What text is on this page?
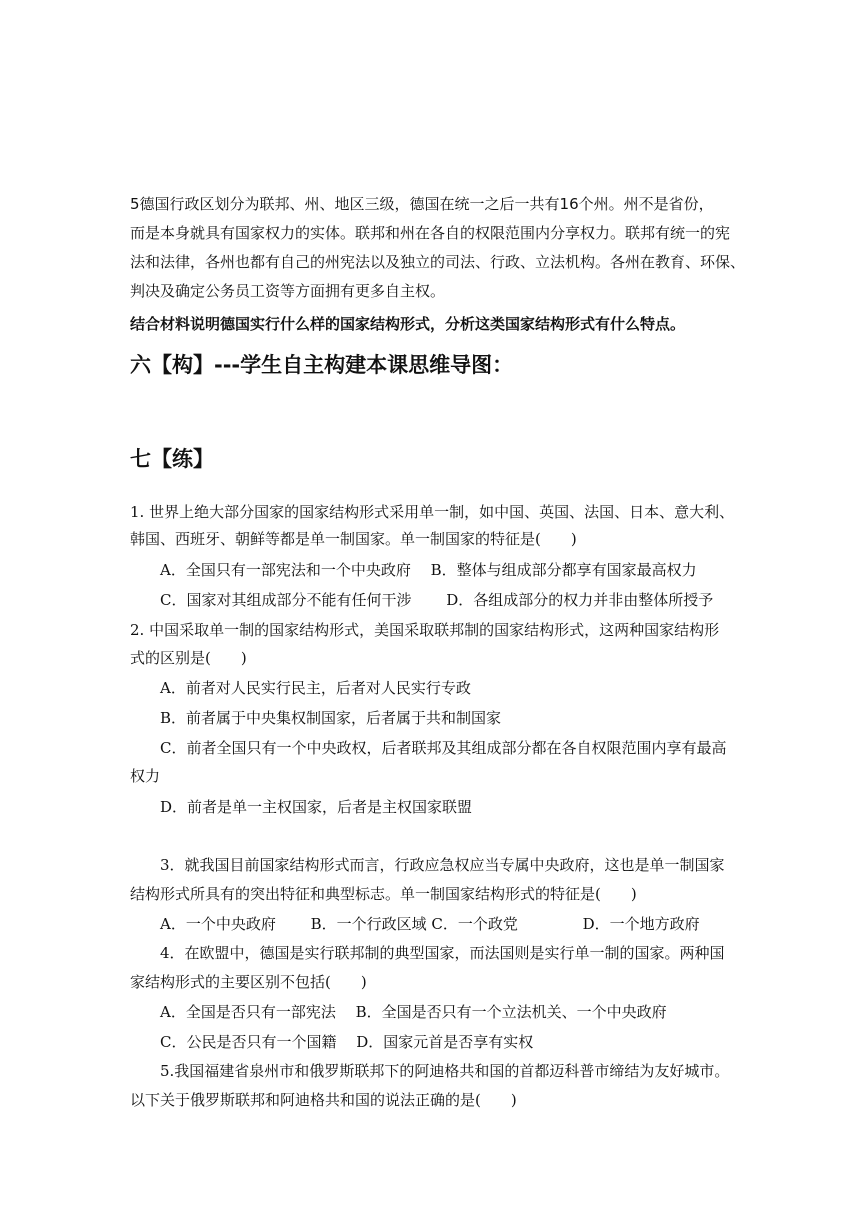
5德国行政区划分为联邦、州、地区三级，德国在统一之后一共有16个州。州不是省份，
而是本身就具有国家权力的实体。联邦和州在各自的权限范围内分享权力。联邦有统一的宪
法和法律，各州也都有自己的州宪法以及独立的司法、行政、立法机构。各州在教育、环保、
判决及确定公务员工资等方面拥有更多自主权。
结合材料说明德国实行什么样的国家结构形式，分析这类国家结构形式有什么特点。
六【构】---学生自主构建本课思维导图：
七【练】
1. 世界上绝大部分国家的国家结构形式采用单一制，如中国、英国、法国、日本、意大利、
韩国、西班牙、朝鲜等都是单一制国家。单一制国家的特征是(　　)
A．全国只有一部宪法和一个中央政府　 B．整体与组成部分都享有国家最高权力
C．国家对其组成部分不能有任何干涉　　 D．各组成部分的权力并非由整体所授予
2. 中国采取单一制的国家结构形式，美国采取联邦制的国家结构形式，这两种国家结构形
式的区别是(　　)
A．前者对人民实行民主，后者对人民实行专政
B．前者属于中央集权制国家，后者属于共和制国家
C．前者全国只有一个中央政权，后者联邦及其组成部分都在各自权限范围内享有最高
权力
D．前者是单一主权国家，后者是主权国家联盟
3．就我国目前国家结构形式而言，行政应急权应当专属中央政府，这也是单一制国家
结构形式所具有的突出特征和典型标志。单一制国家结构形式的特征是(　　)
A．一个中央政府　　 B．一个行政区域 C．一个政党　　　　 D．一个地方政府
4．在欧盟中，德国是实行联邦制的典型国家，而法国则是实行单一制的国家。两种国
家结构形式的主要区别不包括(　　)
A．全国是否只有一部宪法　 B．全国是否只有一个立法机关、一个中央政府
C．公民是否只有一个国籍　 D．国家元首是否享有实权
5.我国福建省泉州市和俄罗斯联邦下的阿迪格共和国的首都迈科普市缔结为友好城市。
以下关于俄罗斯联邦和阿迪格共和国的说法正确的是(　　)
